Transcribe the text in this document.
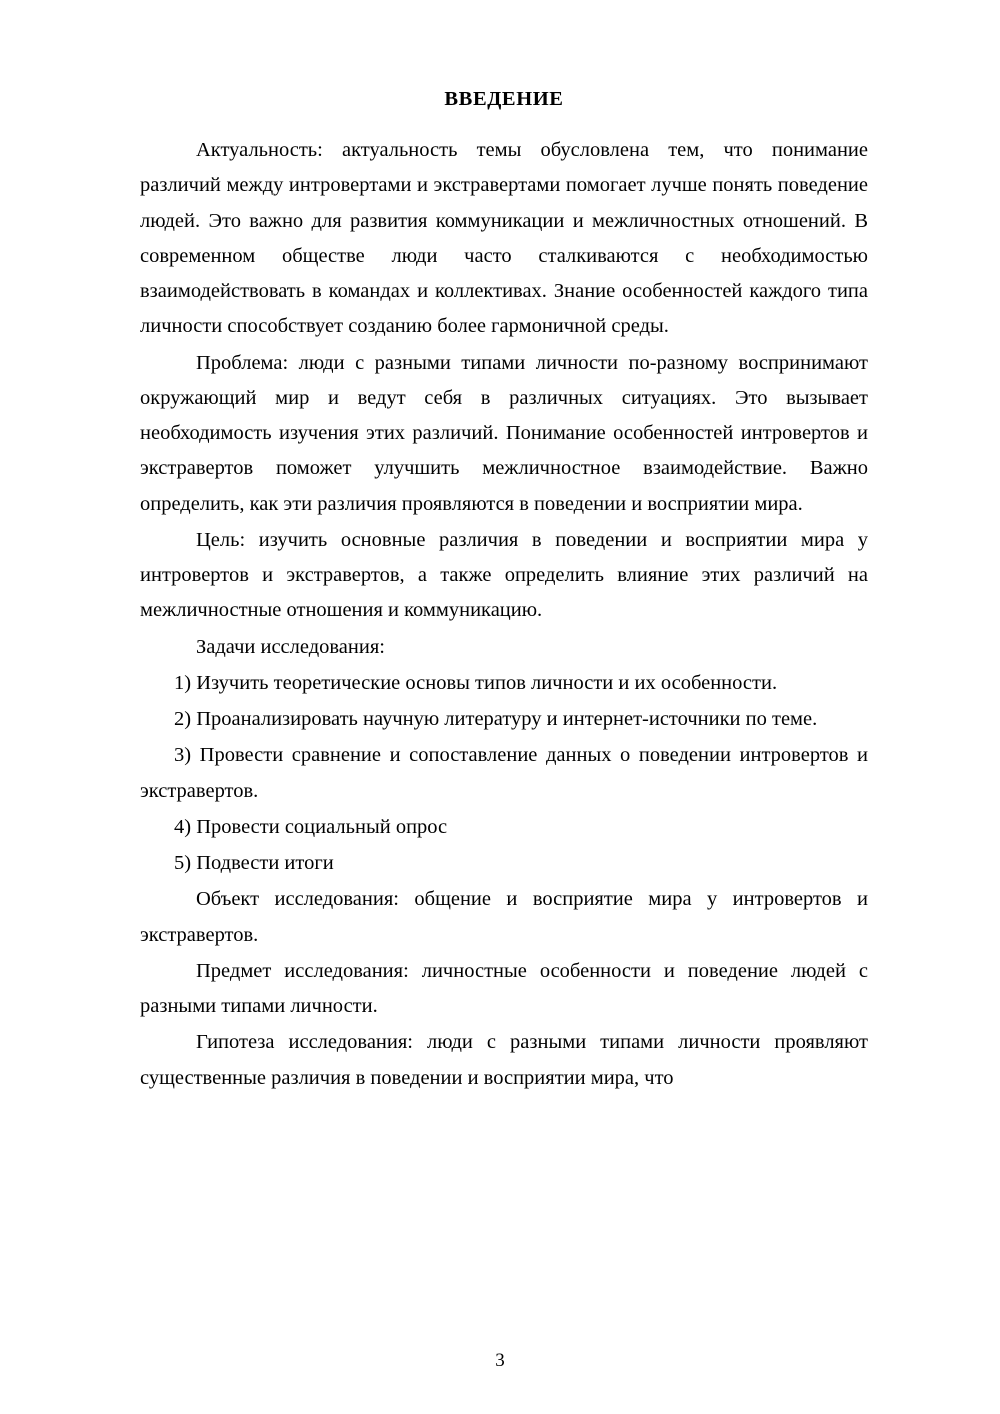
ВВЕДЕНИЕ

Актуальность: актуальность темы обусловлена тем, что понимание различий между интровертами и экстравертами помогает лучше понять поведение людей. Это важно для развития коммуникации и межличностных отношений. В современном обществе люди часто сталкиваются с необходимостью взаимодействовать в командах и коллективах. Знание особенностей каждого типа личности способствует созданию более гармоничной среды.

Проблема: люди с разными типами личности по-разному воспринимают окружающий мир и ведут себя в различных ситуациях. Это вызывает необходимость изучения этих различий. Понимание особенностей интровертов и экстравертов поможет улучшить межличностное взаимодействие. Важно определить, как эти различия проявляются в поведении и восприятии мира.

Цель: изучить основные различия в поведении и восприятии мира у интровертов и экстравертов, а также определить влияние этих различий на межличностные отношения и коммуникацию.

Задачи исследования:

1) Изучить теоретические основы типов личности и их особенности.

2) Проанализировать научную литературу и интернет-источники по теме.

3) Провести сравнение и сопоставление данных о поведении интровертов и экстравертов.

4) Провести социальный опрос

5) Подвести итоги

Объект исследования: общение и восприятие мира у интровертов и экстравертов.

Предмет исследования: личностные особенности и поведение людей с разными типами личности.

Гипотеза исследования: люди с разными типами личности проявляют существенные различия в поведении и восприятии мира, что

3
